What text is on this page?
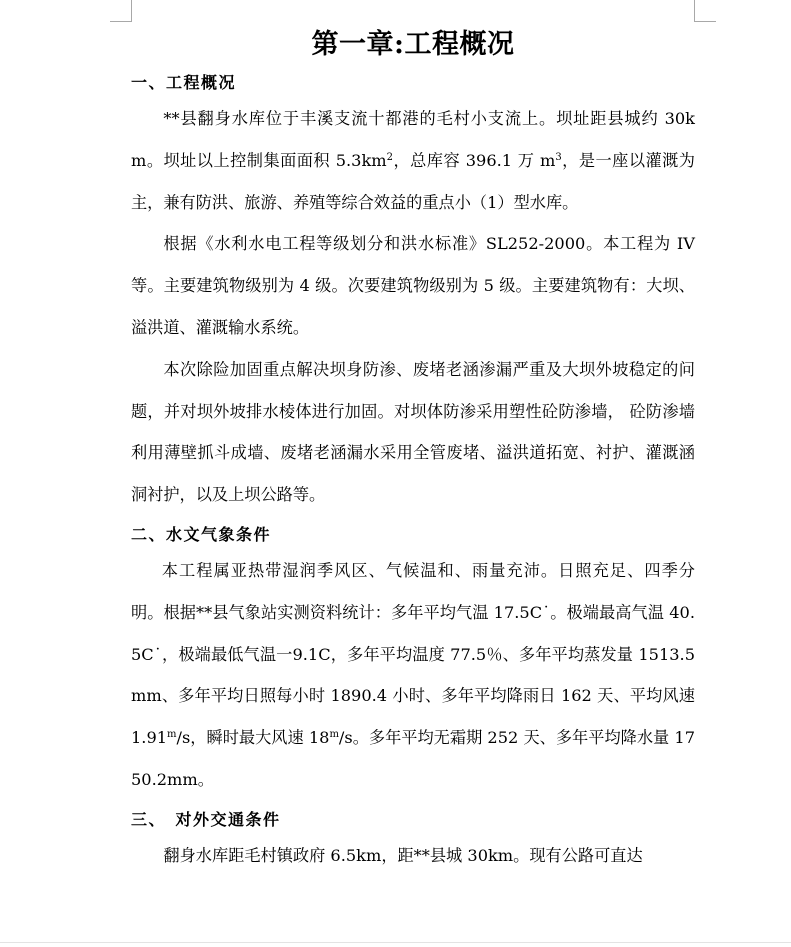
第一章:工程概况
一、工程概况
**县翻身水库位于丰溪支流十都港的毛村小支流上。坝址距县城约 30km。坝址以上控制集面面积 $5.3km^2$，总库容 396.1 万 $m^3$，是一座以灌溉为主，兼有防洪、旅游、养殖等综合效益的重点小（1）型水库。
根据《水利水电工程等级划分和洪水标准》SL252-2000。本工程为 IV 等。主要建筑物级别为 4 级。次要建筑物级别为 5 级。主要建筑物有：大坝、溢洪道、灌溉输水系统。
本次除险加固重点解决坝身防渗、废堵老涵渗漏严重及大坝外坡稳定的问题，并对坝外坡排水棱体进行加固。对坝体防渗采用塑性砼防渗墙， 砼防渗墙利用薄壁抓斗成墙、废堵老涵漏水采用全管废堵、溢洪道拓宽、衬护、灌溉涵洞衬护，以及上坝公路等。
二、水文气象条件
本工程属亚热带湿润季风区、气候温和、雨量充沛。日照充足、四季分明。根据**县气象站实测资料统计：多年平均气温 17.5C˙。极端最高气温 40.5C˙，极端最低气温一9.1C，多年平均温度 77.5％、多年平均蒸发量 1513.5mm、多年平均日照每小时 1890.4 小时、多年平均降雨日 162 天、平均风速 1.91$^m$/s，瞬时最大风速 18$^m$/s。多年平均无霜期 252 天、多年平均降水量 1750.2mm。
三、　对外交通条件
翻身水库距毛村镇政府 6.5km，距**县城 30km。现有公路可直达
